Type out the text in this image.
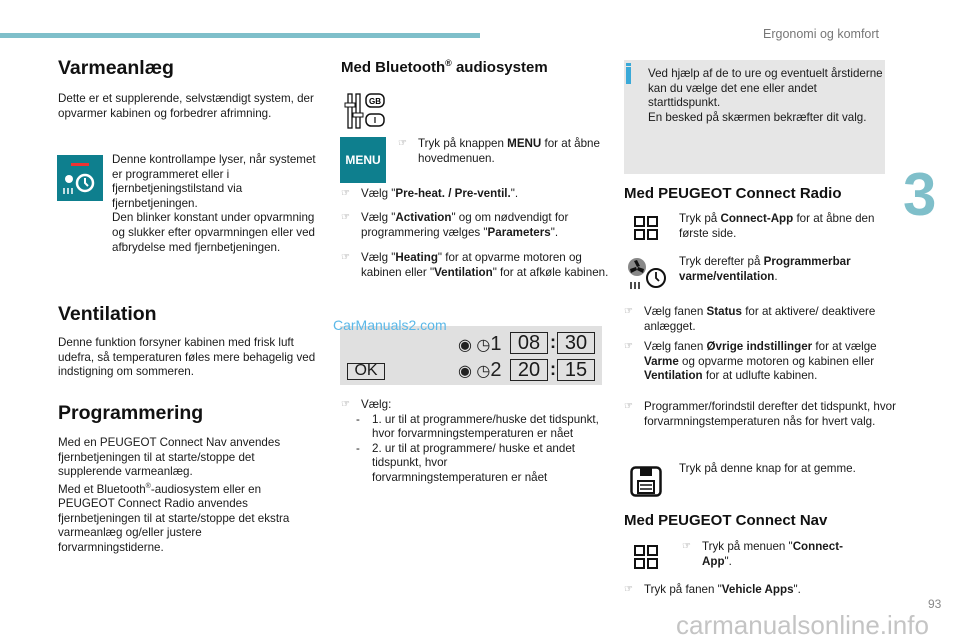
Ergonomi og komfort
3
Varmeanlæg
Dette er et supplerende, selvstændigt system, der opvarmer kabinen og forbedrer afrimning.
Denne kontrollampe lyser, når systemet er programmeret eller i fjernbetjeningstilstand via fjernbetjeningen.
Den blinker konstant under opvarmning og slukker efter opvarmningen eller ved afbrydelse med fjernbetjeningen.
Ventilation
Denne funktion forsyner kabinen med frisk luft udefra, så temperaturen føles mere behagelig ved indstigning om sommeren.
Programmering
Med en PEUGEOT Connect Nav anvendes fjernbetjeningen til at starte/stoppe det supplerende varmeanlæg.
Med et Bluetooth®-audiosystem eller en PEUGEOT Connect Radio anvendes fjernbetjeningen til at starte/stoppe det ekstra varmeanlæg og/eller justere forvarmningstiderne.
Med Bluetooth® audiosystem
GB
I
MENU
☞ Tryk på knappen MENU for at åbne hovedmenuen.
☞ Vælg "Pre-heat. / Pre-ventil.".
☞ Vælg "Activation" og om nødvendigt for programmering vælges "Parameters".
☞ Vælg "Heating" for at opvarme motoren og kabinen eller "Ventilation" for at afkøle kabinen.
OK
◉ ◷1
◉ ◷2
08 : 30
20 : 15
CarManuals2.com
☞ Vælg:
- 1. ur til at programmere/huske det tidspunkt, hvor forvarmningstemperaturen er nået
- 2. ur til at programmere/ huske et andet tidspunkt, hvor forvarmningstemperaturen er nået
Ved hjælp af de to ure og eventuelt årstiderne kan du vælge det ene eller andet starttidspunkt.
En besked på skærmen bekræfter dit valg.
Med PEUGEOT Connect Radio
Tryk på Connect-App for at åbne den første side.
Tryk derefter på Programmerbar varme/ventilation.
☞ Vælg fanen Status for at aktivere/ deaktivere anlægget.
☞ Vælg fanen Øvrige indstillinger for at vælge Varme og opvarme motoren og kabinen eller Ventilation for at udlufte kabinen.
☞ Programmer/forindstil derefter det tidspunkt, hvor forvarmningstemperaturen nås for hvert valg.
Tryk på denne knap for at gemme.
Med PEUGEOT Connect Nav
☞ Tryk på menuen "Connect-App".
☞ Tryk på fanen "Vehicle Apps".
93
carmanualsonline.info
